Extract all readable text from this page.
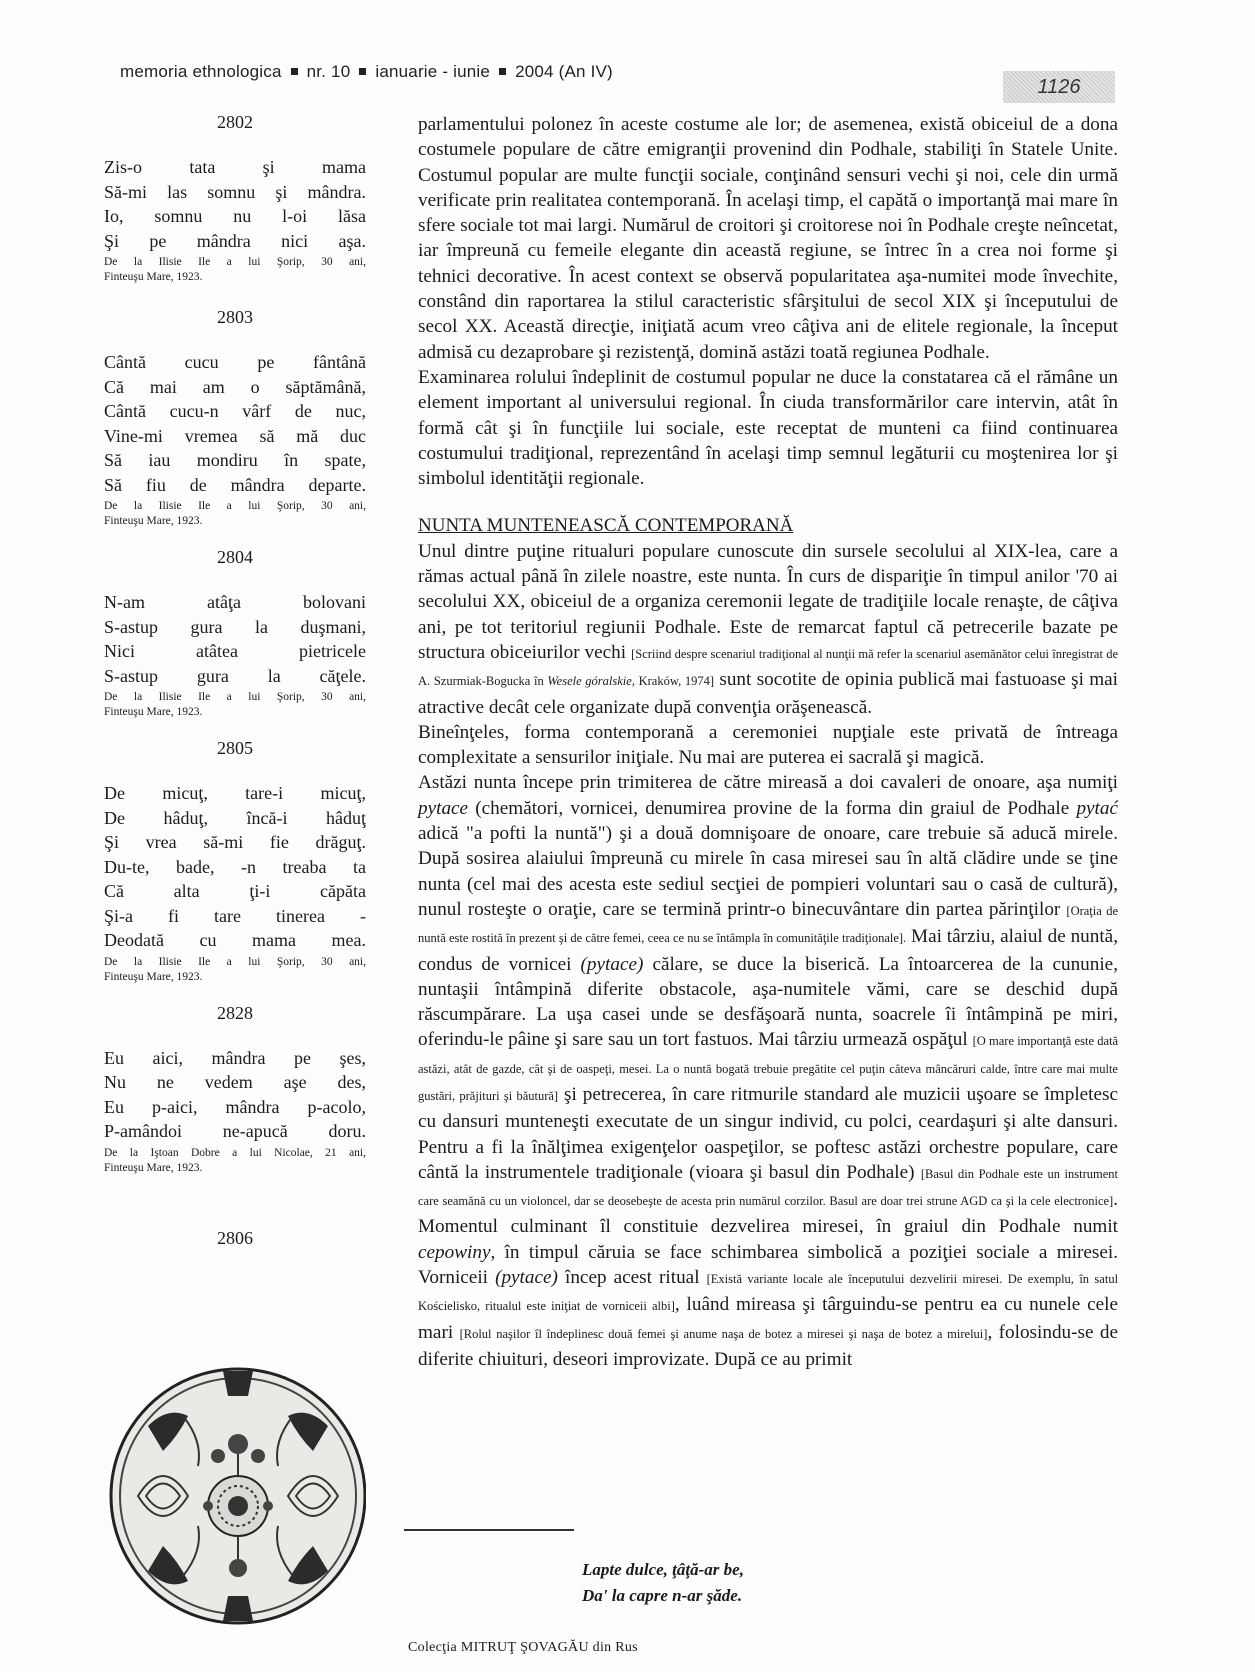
memoria ethnologica nr. 10 ianuarie - iunie 2004 (An IV)
1126
2802
Zis-o tata şi mama
Să-mi las somnu şi mândra.
Io, somnu nu l-oi lăsa
Şi pe mândra nici aşa.
De la Ilisie Ile a lui Şorip, 30 ani,
Finteuşu Mare, 1923.
2803
Cântă cucu pe fântână
Că mai am o săptămână,
Cântă cucu-n vârf de nuc,
Vine-mi vremea să mă duc
Să iau mondiru în spate,
Să fiu de mândra departe.
De la Ilisie Ile a lui Şorip, 30 ani,
Finteuşu Mare, 1923.
2804
N-am atâţa bolovani
S-astup gura la duşmani,
Nici atâtea pietricele
S-astup gura la căţele.
De la Ilisie Ile a lui Şorip, 30 ani,
Finteuşu Mare, 1923.
2805
De micuţ, tare-i micuţ,
De hâduţ, încă-i hâduţ
Şi vrea să-mi fie drăguţ.
Du-te, bade, -n treaba ta
Că alta ţi-i căpăta
Şi-a fi tare tinerea -
Deodată cu mama mea.
De la Ilisie Ile a lui Şorip, 30 ani,
Finteuşu Mare, 1923.
2828
Eu aici, mândra pe şes,
Nu ne vedem aşe des,
Eu p-aici, mândra p-acolo,
P-amândoi ne-apucă doru.
De la Iştoan Dobre a lui Nicolae, 21 ani,
Finteuşu Mare, 1923.
2806

parlamentului polonez în aceste costume ale lor; de asemenea, există obiceiul de a dona costumele populare de către emigranţii provenind din Podhale, stabiliţi în Statele Unite. Costumul popular are multe funcţii sociale, conţinând sensuri vechi şi noi, cele din urmă verificate prin realitatea contemporană. În acelaşi timp, el capătă o importanţă mai mare în sfere sociale tot mai largi. Numărul de croitori şi croitorese noi în Podhale creşte neîncetat, iar împreună cu femeile elegante din această regiune, se întrec în a crea noi forme şi tehnici decorative. În acest context se observă popularitatea aşa-numitei mode învechite, constând din raportarea la stilul caracteristic sfârşitului de secol XIX şi începutului de secol XX. Această direcţie, iniţiată acum vreo câţiva ani de elitele regionale, la început admisă cu dezaprobare şi rezistenţă, domină astăzi toată regiunea Podhale.

Examinarea rolului îndeplinit de costumul popular ne duce la constatarea că el rămâne un element important al universului regional. În ciuda transformărilor care intervin, atât în formă cât şi în funcţiile lui sociale, este receptat de munteni ca fiind continuarea costumului tradiţional, reprezentând în acelaşi timp semnul legăturii cu moştenirea lor şi simbolul identităţii regionale.

NUNTA MUNTENEASCĂ CONTEMPORANĂ

Unul dintre puţine ritualuri populare cunoscute din sursele secolului al XIX-lea, care a rămas actual până în zilele noastre, este nunta. În curs de dispariţie în timpul anilor '70 ai secolului XX, obiceiul de a organiza ceremonii legate de tradiţiile locale renaşte, de câţiva ani, pe tot teritoriul regiunii Podhale. Este de remarcat faptul că petrecerile bazate pe structura obiceiurilor vechi [Scriind despre scenariul tradiţional al nunţii mă refer la scenariul asemănător celui înregistrat de A. Szurmiak-Bogucka în Wesele góralskie, Kraków, 1974] sunt socotite de opinia publică mai fastuoase şi mai atractive decât cele organizate după convenţia orăşenească.

Bineînţeles, forma contemporană a ceremoniei nupţiale este privată de întreaga complexitate a sensurilor iniţiale. Nu mai are puterea ei sacrală şi magică.

Astăzi nunta începe prin trimiterea de către mireasă a doi cavaleri de onoare, aşa numiţi pytace (chemători, vornicei, denumirea provine de la forma din graiul de Podhale pytać adică "a pofti la nuntă") şi a două domnişoare de onoare, care trebuie să aducă mirele. După sosirea alaiului împreună cu mirele în casa miresei sau în altă clădire unde se ţine nunta (cel mai des acesta este sediul secţiei de pompieri voluntari sau o casă de cultură), nunul rosteşte o oraţie, care se termină printr-o binecuvântare din partea părinţilor [Oraţia de nuntă este rostită în prezent şi de către femei, ceea ce nu se întâmpla în comunităţile tradiţionale]. Mai târziu, alaiul de nuntă, condus de vornicei (pytace) călare, se duce la biserică. La întoarcerea de la cununie, nuntaşii întâmpină diferite obstacole, aşa-numitele vămi, care se deschid după răscumpărare. La uşa casei unde se desfăşoară nunta, soacrele îi întâmpină pe miri, oferindu-le pâine şi sare sau un tort fastuos. Mai târziu urmează ospăţul [O mare importanţă este dată astăzi, atât de gazde, cât şi de oaspeţi, mesei. La o nuntă bogată trebuie pregătite cel puţin câteva mâncăruri calde, între care mai multe gustări, prăjituri şi băutură] şi petrecerea, în care ritmurile standard ale muzicii uşoare se împletesc cu dansuri munteneşti executate de un singur individ, cu polci, ceardaşuri şi alte dansuri. Pentru a fi la înălţimea exigenţelor oaspeţilor, se poftesc astăzi orchestre populare, care cântă la instrumentele tradiţionale (vioara şi basul din Podhale) [Basul din Podhale este un instrument care seamănă cu un violoncel, dar se deosebeşte de acesta prin numărul corzilor. Basul are doar trei strune AGD ca şi la cele electronice]. Momentul culminant îl constituie dezvelirea miresei, în graiul din Podhale numit cepowiny, în timpul căruia se face schimbarea simbolică a poziţiei sociale a miresei. Vorniceii (pytace) încep acest ritual [Există variante locale ale începutului dezvelirii miresei. De exemplu, în satul Kościelisko, ritualul este iniţiat de vorniceii albi], luând mireasa şi târguindu-se pentru ea cu nunele cele mari [Rolul naşilor îl îndeplinesc două femei şi anume naşa de botez a miresei şi naşa de botez a mirelui], folosindu-se de diferite chiuituri, deseori improvizate. După ce au primit

Lapte dulce, ţâţă-ar be,
Da' la capre n-ar şăde.
Colecţia MITRUŢ ŞOVAGĂU din Rus
